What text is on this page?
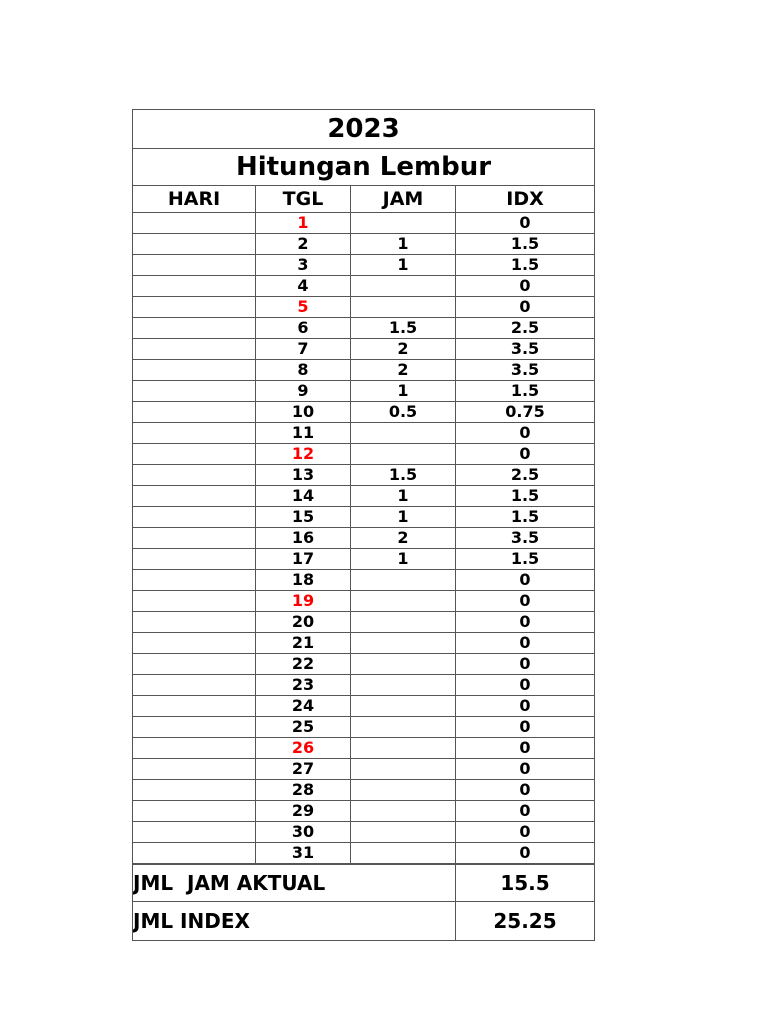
2023			
Hitungan Lembur			
HARI	TGL	JAM	IDX
	1		0
	2	1	1.5
	3	1	1.5
	4		0
	5		0
	6	1.5	2.5
	7	2	3.5
	8	2	3.5
	9	1	1.5
	10	0.5	0.75
	11		0
	12		0
	13	1.5	2.5
	14	1	1.5
	15	1	1.5
	16	2	3.5
	17	1	1.5
	18		0
	19		0
	20		0
	21		0
	22		0
	23		0
	24		0
	25		0
	26		0
	27		0
	28		0
	29		0
	30		0
	31		0
JML  JAM AKTUAL			15.5
JML INDEX			25.25
